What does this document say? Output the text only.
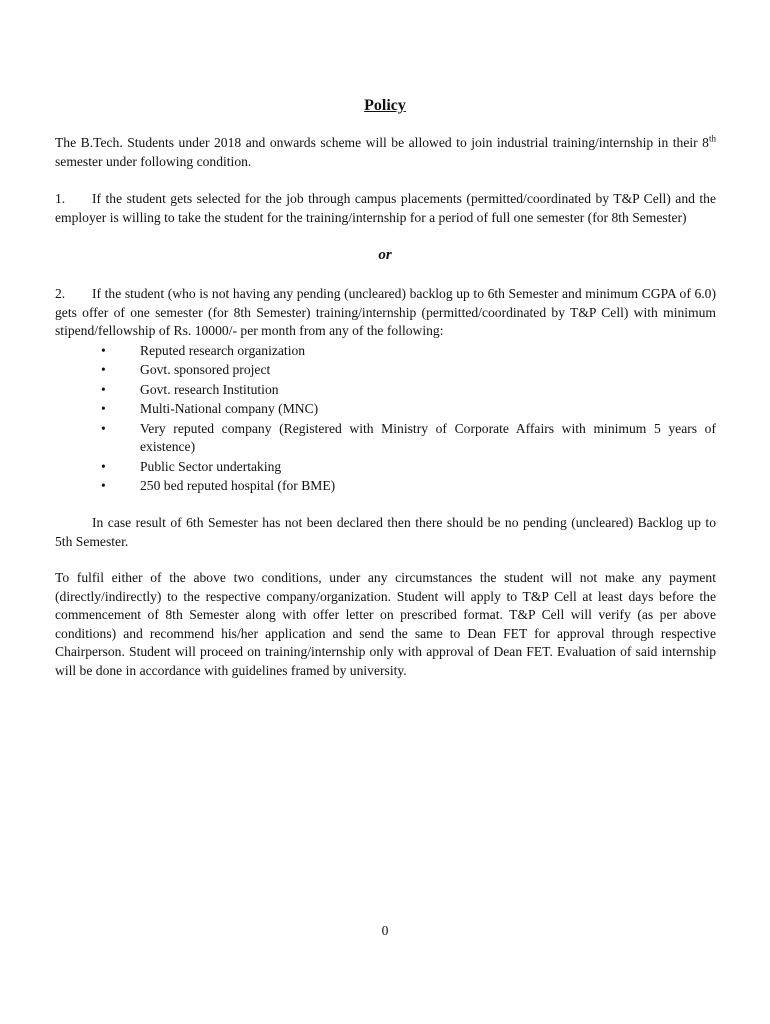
Policy

The B.Tech. Students under 2018 and onwards scheme will be allowed to join industrial training/internship in their 8th semester under following condition.

1. If the student gets selected for the job through campus placements (permitted/coordinated by T&P Cell) and the employer is willing to take the student for the training/internship for a period of full one semester (for 8th Semester)

or

2. If the student (who is not having any pending (uncleared) backlog up to 6th Semester and minimum CGPA of 6.0) gets offer of one semester (for 8th Semester) training/internship (permitted/coordinated by T&P Cell) with minimum stipend/fellowship of Rs. 10000/- per month from any of the following:

•	Reputed research organization
•	Govt. sponsored project
•	Govt. research Institution
•	Multi-National company (MNC)
•	Very reputed company (Registered with Ministry of Corporate Affairs with minimum 5 years of existence)
•	Public Sector undertaking
•	250 bed reputed hospital (for BME)

In case result of 6th Semester has not been declared then there should be no pending (uncleared) Backlog up to 5th Semester.

To fulfil either of the above two conditions, under any circumstances the student will not make any payment (directly/indirectly) to the respective company/organization. Student will apply to T&P Cell at least days before the commencement of 8th Semester along with offer letter on prescribed format. T&P Cell will verify (as per above conditions) and recommend his/her application and send the same to Dean FET for approval through respective Chairperson. Student will proceed on training/internship only with approval of Dean FET. Evaluation of said internship will be done in accordance with guidelines framed by university.

0
